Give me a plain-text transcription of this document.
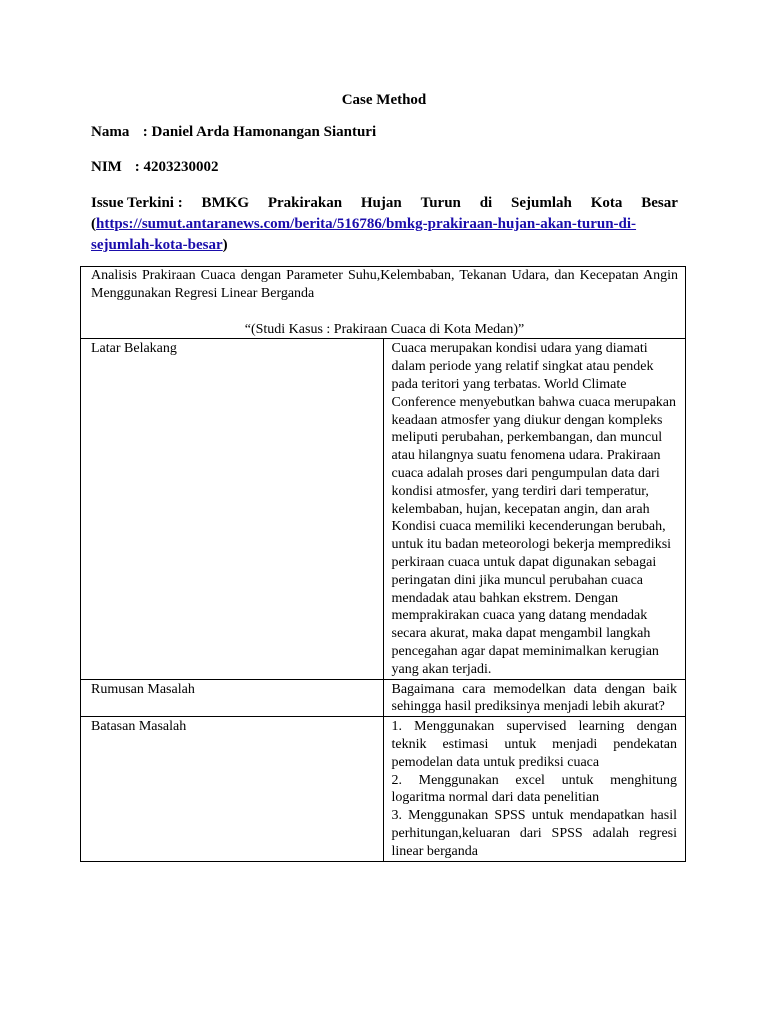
Case Method
Nama : Daniel Arda Hamonangan Sianturi
NIM : 4203230002
Issue Terkini : BMKG Prakirakan Hujan Turun di Sejumlah Kota Besar
(https://sumut.antaranews.com/berita/516786/bmkg-prakiraan-hujan-akan-turun-di-
sejumlah-kota-besar)
Analisis Prakiraan Cuaca dengan Parameter Suhu,Kelembaban, Tekanan Udara, dan Kecepatan Angin Menggunakan Regresi Linear Berganda
“(Studi Kasus : Prakiraan Cuaca di Kota Medan)”	

Latar Belakang	Cuaca merupakan kondisi udara yang diamati dalam periode yang relatif singkat atau pendek pada teritori yang terbatas. World Climate Conference menyebutkan bahwa cuaca merupakan keadaan atmosfer yang diukur dengan kompleks meliputi perubahan, perkembangan, dan muncul atau hilangnya suatu fenomena udara. Prakiraan cuaca adalah proses dari pengumpulan data dari kondisi atmosfer, yang terdiri dari temperatur, kelembaban, hujan, kecepatan angin, dan arah Kondisi cuaca memiliki kecenderungan berubah, untuk itu badan meteorologi bekerja memprediksi perkiraan cuaca untuk dapat digunakan sebagai peringatan dini jika muncul perubahan cuaca mendadak atau bahkan ekstrem. Dengan memprakirakan cuaca yang datang mendadak secara akurat, maka dapat mengambil langkah pencegahan agar dapat meminimalkan kerugian yang akan terjadi.
Rumusan Masalah	Bagaimana cara memodelkan data dengan baik sehingga hasil prediksinya menjadi lebih akurat?
Batasan Masalah	1. Menggunakan supervised learning dengan teknik estimasi untuk menjadi pendekatan pemodelan data untuk prediksi cuaca
2. Menggunakan excel untuk menghitung logaritma normal dari data penelitian
3. Menggunakan SPSS untuk mendapatkan hasil perhitungan,keluaran dari SPSS adalah regresi linear berganda
